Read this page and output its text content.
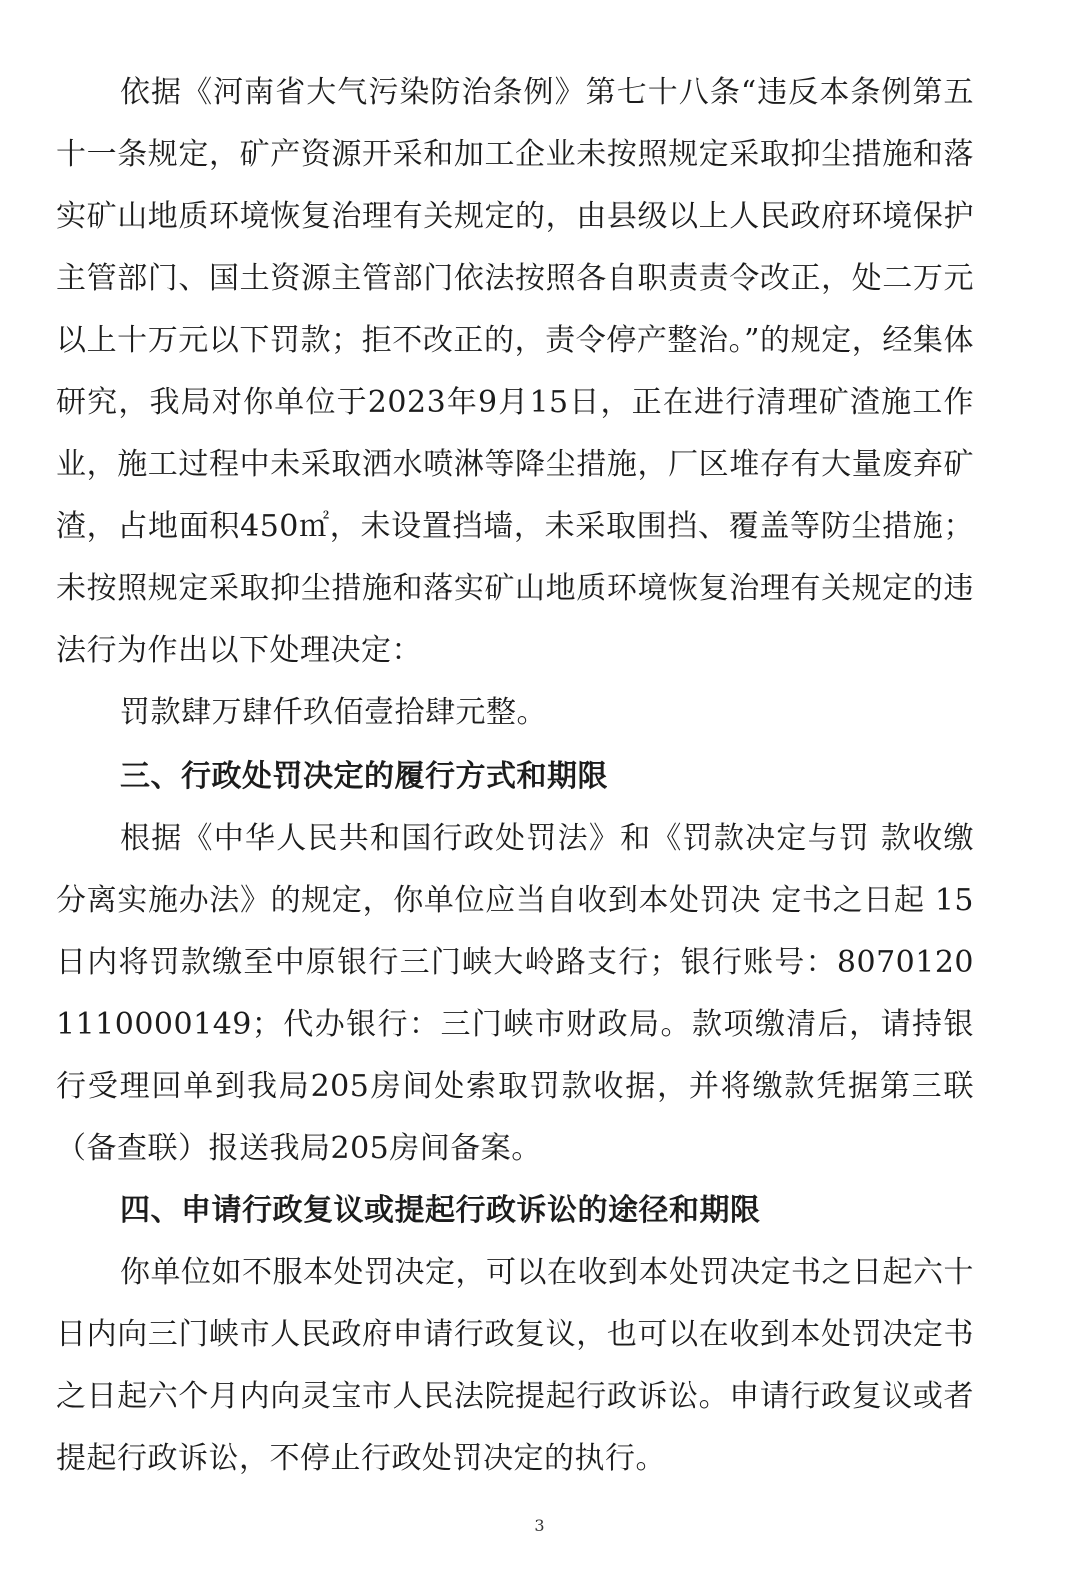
依据《河南省大气污染防治条例》第七十八条“违反本条例第五十一条规定，矿产资源开采和加工企业未按照规定采取抑尘措施和落实矿山地质环境恢复治理有关规定的，由县级以上人民政府环境保护主管部门、国土资源主管部门依法按照各自职责责令改正，处二万元以上十万元以下罚款；拒不改正的，责令停产整治。”的规定，经集体研究，我局对你单位于2023年9月15日，正在进行清理矿渣施工作业，施工过程中未采取洒水喷淋等降尘措施，厂区堆存有大量废弃矿渣，占地面积450㎡，未设置挡墙，未采取围挡、覆盖等防尘措施；未按照规定采取抑尘措施和落实矿山地质环境恢复治理有关规定的违法行为作出以下处理决定：

罚款肆万肆仟玖佰壹拾肆元整。

三、行政处罚决定的履行方式和期限

根据《中华人民共和国行政处罚法》和《罚款决定与罚 款收缴分离实施办法》的规定，你单位应当自收到本处罚决 定书之日起 15 日内将罚款缴至中原银行三门峡大岭路支行；银行账号：80701201110000149；代办银行：三门峡市财政局。款项缴清后，请持银行受理回单到我局205房间处索取罚款收据，并将缴款凭据第三联（备查联）报送我局205房间备案。

四、申请行政复议或提起行政诉讼的途径和期限

你单位如不服本处罚决定，可以在收到本处罚决定书之日起六十日内向三门峡市人民政府申请行政复议，也可以在收到本处罚决定书之日起六个月内向灵宝市人民法院提起行政诉讼。申请行政复议或者提起行政诉讼，不停止行政处罚决定的执行。

3
